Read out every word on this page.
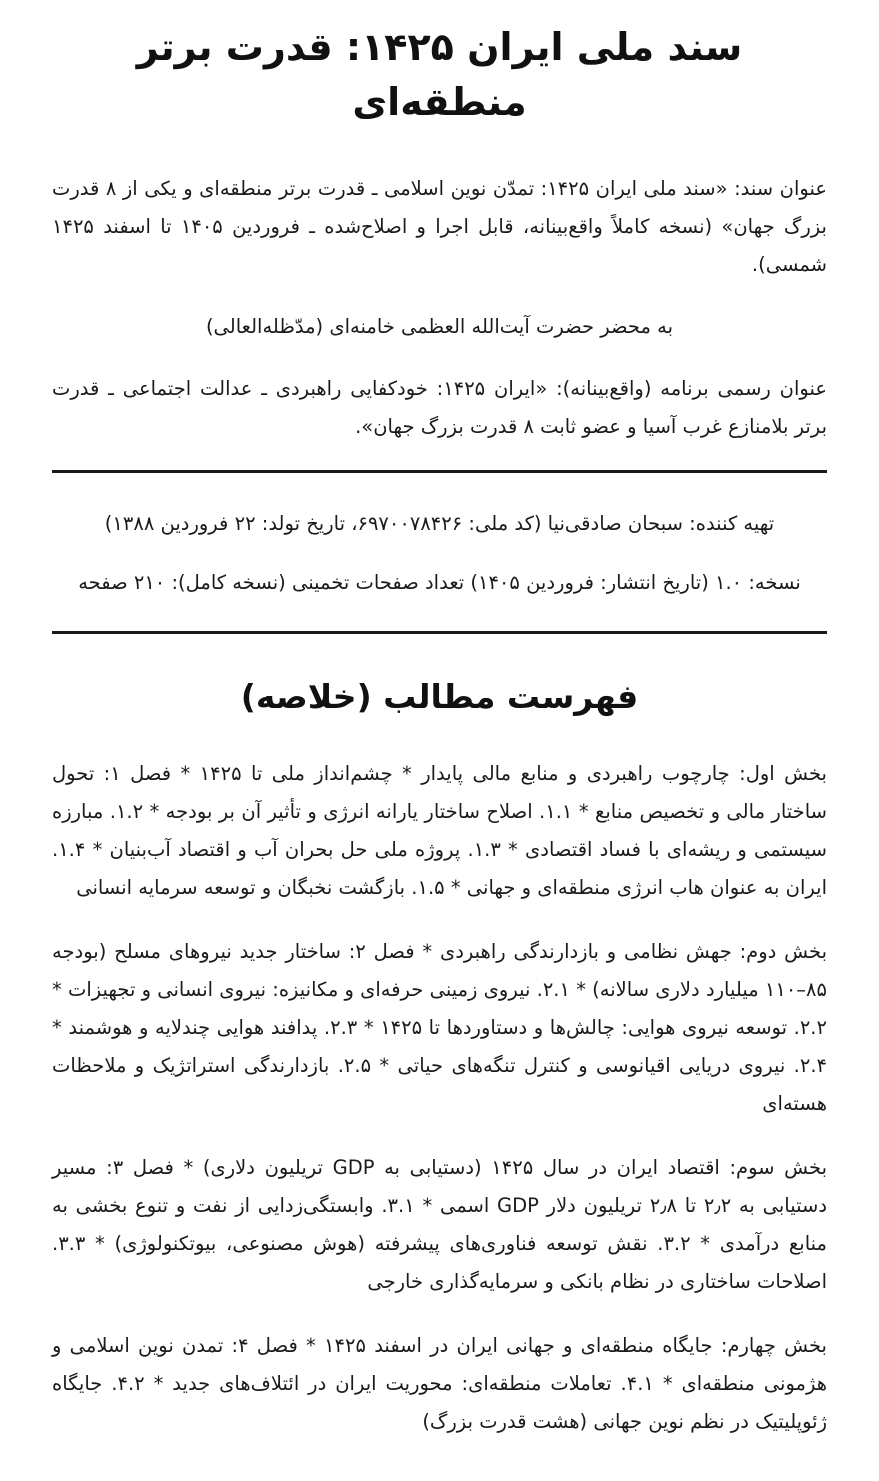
سند ملی ایران ۱۴۲۵: قدرت برتر منطقه‌ای

عنوان سند: «سند ملی ایران ۱۴۲۵: تمدّن نوین اسلامی ـ قدرت برتر منطقه‌ای و یکی از ۸ قدرت بزرگ جهان» (نسخه کاملاً واقع‌بینانه، قابل اجرا و اصلاح‌شده ـ فروردین ۱۴۰۵ تا اسفند ۱۴۲۵ شمسی).

به محضر حضرت آیت‌الله العظمی خامنه‌ای (مدّظله‌العالی)

عنوان رسمی برنامه (واقع‌بینانه): «ایران ۱۴۲۵: خودکفایی راهبردی ـ عدالت اجتماعی ـ قدرت برتر بلامنازع غرب آسیا و عضو ثابت ۸ قدرت بزرگ جهان».

تهیه کننده: سبحان صادقی‌نیا (کد ملی: ۶۹۷۰۰۷۸۴۲۶، تاریخ تولد: ۲۲ فروردین ۱۳۸۸)

نسخه: ۱.۰ (تاریخ انتشار: فروردین ۱۴۰۵) تعداد صفحات تخمینی (نسخه کامل): ۲۱۰ صفحه

فهرست مطالب (خلاصه)

بخش اول: چارچوب راهبردی و منابع مالی پایدار * چشم‌انداز ملی تا ۱۴۲۵ * فصل ۱: تحول ساختار مالی و تخصیص منابع * ۱.۱. اصلاح ساختار یارانه انرژی و تأثیر آن بر بودجه * ۱.۲. مبارزه سیستمی و ریشه‌ای با فساد اقتصادی * ۱.۳. پروژه ملی حل بحران آب و اقتصاد آب‌بنیان * ۱.۴. ایران به عنوان هاب انرژی منطقه‌ای و جهانی * ۱.۵. بازگشت نخبگان و توسعه سرمایه انسانی

بخش دوم: جهش نظامی و بازدارندگی راهبردی * فصل ۲: ساختار جدید نیروهای مسلح (بودجه ۸۵–۱۱۰ میلیارد دلاری سالانه) * ۲.۱. نیروی زمینی حرفه‌ای و مکانیزه: نیروی انسانی و تجهیزات * ۲.۲. توسعه نیروی هوایی: چالش‌ها و دستاوردها تا ۱۴۲۵ * ۲.۳. پدافند هوایی چندلایه و هوشمند * ۲.۴. نیروی دریایی اقیانوسی و کنترل تنگه‌های حیاتی * ۲.۵. بازدارندگی استراتژیک و ملاحظات هسته‌ای

بخش سوم: اقتصاد ایران در سال ۱۴۲۵ (دستیابی به GDP تریلیون دلاری) * فصل ۳: مسیر دستیابی به ۲٫۲ تا ۲٫۸ تریلیون دلار GDP اسمی * ۳.۱. وابستگی‌زدایی از نفت و تنوع بخشی به منابع درآمدی * ۳.۲. نقش توسعه فناوری‌های پیشرفته (هوش مصنوعی، بیوتکنولوژی) * ۳.۳. اصلاحات ساختاری در نظام بانکی و سرمایه‌گذاری خارجی

بخش چهارم: جایگاه منطقه‌ای و جهانی ایران در اسفند ۱۴۲۵ * فصل ۴: تمدن نوین اسلامی و هژمونی منطقه‌ای * ۴.۱. تعاملات منطقه‌ای: محوریت ایران در ائتلاف‌های جدید * ۴.۲. جایگاه ژئوپلیتیک در نظم نوین جهانی (هشت قدرت بزرگ)
